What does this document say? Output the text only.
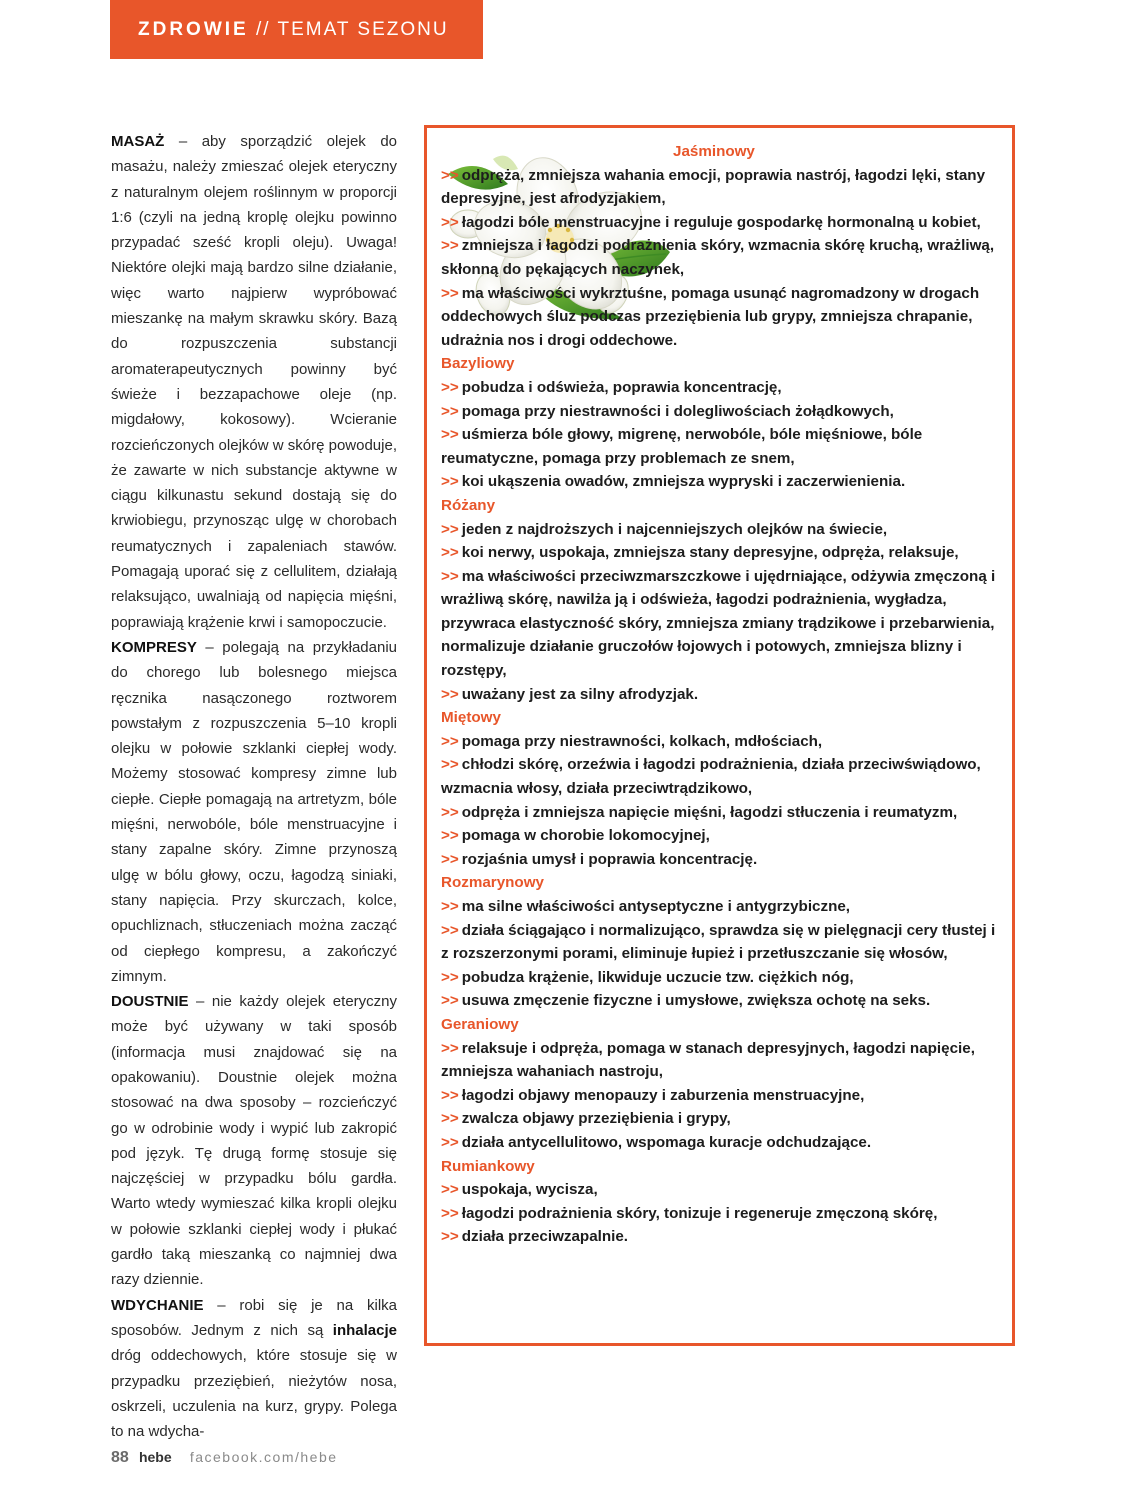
ZDROWIE // TEMAT SEZONU

MASAŻ – aby sporządzić olejek do masażu, należy zmieszać olejek eteryczny z naturalnym olejem roślinnym w proporcji 1:6 (czyli na jedną kroplę olejku powinno przypadać sześć kropli oleju). Uwaga! Niektóre olejki mają bardzo silne działanie, więc warto najpierw wypróbować mieszankę na małym skrawku skóry. Bazą do rozpuszczenia substancji aromaterapeutycznych powinny być świeże i bezzapachowe oleje (np. migdałowy, kokosowy). Wcieranie rozcieńczonych olejków w skórę powoduje, że zawarte w nich substancje aktywne w ciągu kilkunastu sekund dostają się do krwiobiegu, przynosząc ulgę w chorobach reumatycznych i zapaleniach stawów. Pomagają uporać się z cellulitem, działają relaksująco, uwalniają od napięcia mięśni, poprawiają krążenie krwi i samopoczucie.

KOMPRESY – polegają na przykładaniu do chorego lub bolesnego miejsca ręcznika nasączonego roztworem powstałym z rozpuszczenia 5–10 kropli olejku w połowie szklanki ciepłej wody. Możemy stosować kompresy zimne lub ciepłe. Ciepłe pomagają na artretyzm, bóle mięśni, nerwobóle, bóle menstruacyjne i stany zapalne skóry. Zimne przynoszą ulgę w bólu głowy, oczu, łagodzą siniaki, stany napięcia. Przy skurczach, kolce, opuchliznach, stłuczeniach można zacząć od ciepłego kompresu, a zakończyć zimnym.

DOUSTNIE – nie każdy olejek eteryczny może być używany w taki sposób (informacja musi znajdować się na opakowaniu). Doustnie olejek można stosować na dwa sposoby – rozcieńczyć go w odrobinie wody i wypić lub zakropić pod język. Tę drugą formę stosuje się najczęściej w przypadku bólu gardła. Warto wtedy wymieszać kilka kropli olejku w połowie szklanki ciepłej wody i płukać gardło taką mieszanką co najmniej dwa razy dziennie.

WDYCHANIE – robi się je na kilka sposobów. Jednym z nich są inhalacje dróg oddechowych, które stosuje się w przypadku przeziębień, nieżytów nosa, oskrzeli, uczulenia na kurz, grypy. Polega to na wdycha-

Jaśminowy

>> odpręża, zmniejsza wahania emocji, poprawia nastrój, łagodzi lęki, stany depresyjne, jest afrodyzjakiem,

>> łagodzi bóle menstruacyjne i reguluje gospodarkę hormonalną u kobiet,

>> zmniejsza i łagodzi podrażnienia skóry, wzmacnia skórę kruchą, wrażliwą, skłonną do pękających naczynek,

>> ma właściwości wykrztuśne, pomaga usunąć nagromadzony w drogach oddechowych śluz podczas przeziębienia lub grypy, zmniejsza chrapanie, udrażnia nos i drogi oddechowe.

Bazyliowy

>> pobudza i odświeża, poprawia koncentrację,

>> pomaga przy niestrawności i dolegliwościach żołądkowych,

>> uśmierza bóle głowy, migrenę, nerwobóle, bóle mięśniowe, bóle reumatyczne, pomaga przy problemach ze snem,

>> koi ukąszenia owadów, zmniejsza wypryski i zaczerwienienia.

Różany

>> jeden z najdroższych i najcenniejszych olejków na świecie,

>> koi nerwy, uspokaja, zmniejsza stany depresyjne, odpręża, relaksuje,

>> ma właściwości przeciwzmarszczkowe i ujędrniające, odżywia zmęczoną i wrażliwą skórę, nawilża ją i odświeża, łagodzi podrażnienia, wygładza, przywraca elastyczność skóry, zmniejsza zmiany trądzikowe i przebarwienia, normalizuje działanie gruczołów łojowych i potowych, zmniejsza blizny i rozstępy,

>> uważany jest za silny afrodyzjak.

Miętowy

>> pomaga przy niestrawności, kolkach, mdłościach,

>> chłodzi skórę, orzeźwia i łagodzi podrażnienia, działa przeciwświądowo, wzmacnia włosy, działa przeciwtrądzikowo,

>> odpręża i zmniejsza napięcie mięśni, łagodzi stłuczenia i reumatyzm,

>> pomaga w chorobie lokomocyjnej,

>> rozjaśnia umysł i poprawia koncentrację.

Rozmarynowy

>> ma silne właściwości antyseptyczne i antygrzybiczne,

>> działa ściągająco i normalizująco, sprawdza się w pielęgnacji cery tłustej i z rozszerzonymi porami, eliminuje łupież i przetłuszczanie się włosów,

>> pobudza krążenie, likwiduje uczucie tzw. ciężkich nóg,

>> usuwa zmęczenie fizyczne i umysłowe, zwiększa ochotę na seks.

Geraniowy

>> relaksuje i odpręża, pomaga w stanach depresyjnych, łagodzi napięcie, zmniejsza wahaniach nastroju,

>> łagodzi objawy menopauzy i zaburzenia menstruacyjne,

>> zwalcza objawy przeziębienia i grypy,

>> działa antycellulitowo, wspomaga kuracje odchudzające.

Rumiankowy

>> uspokaja, wycisza,

>> łagodzi podrażnienia skóry, tonizuje i regeneruje zmęczoną skórę,

>> działa przeciwzapalnie.

88 hebe facebook.com/hebe
